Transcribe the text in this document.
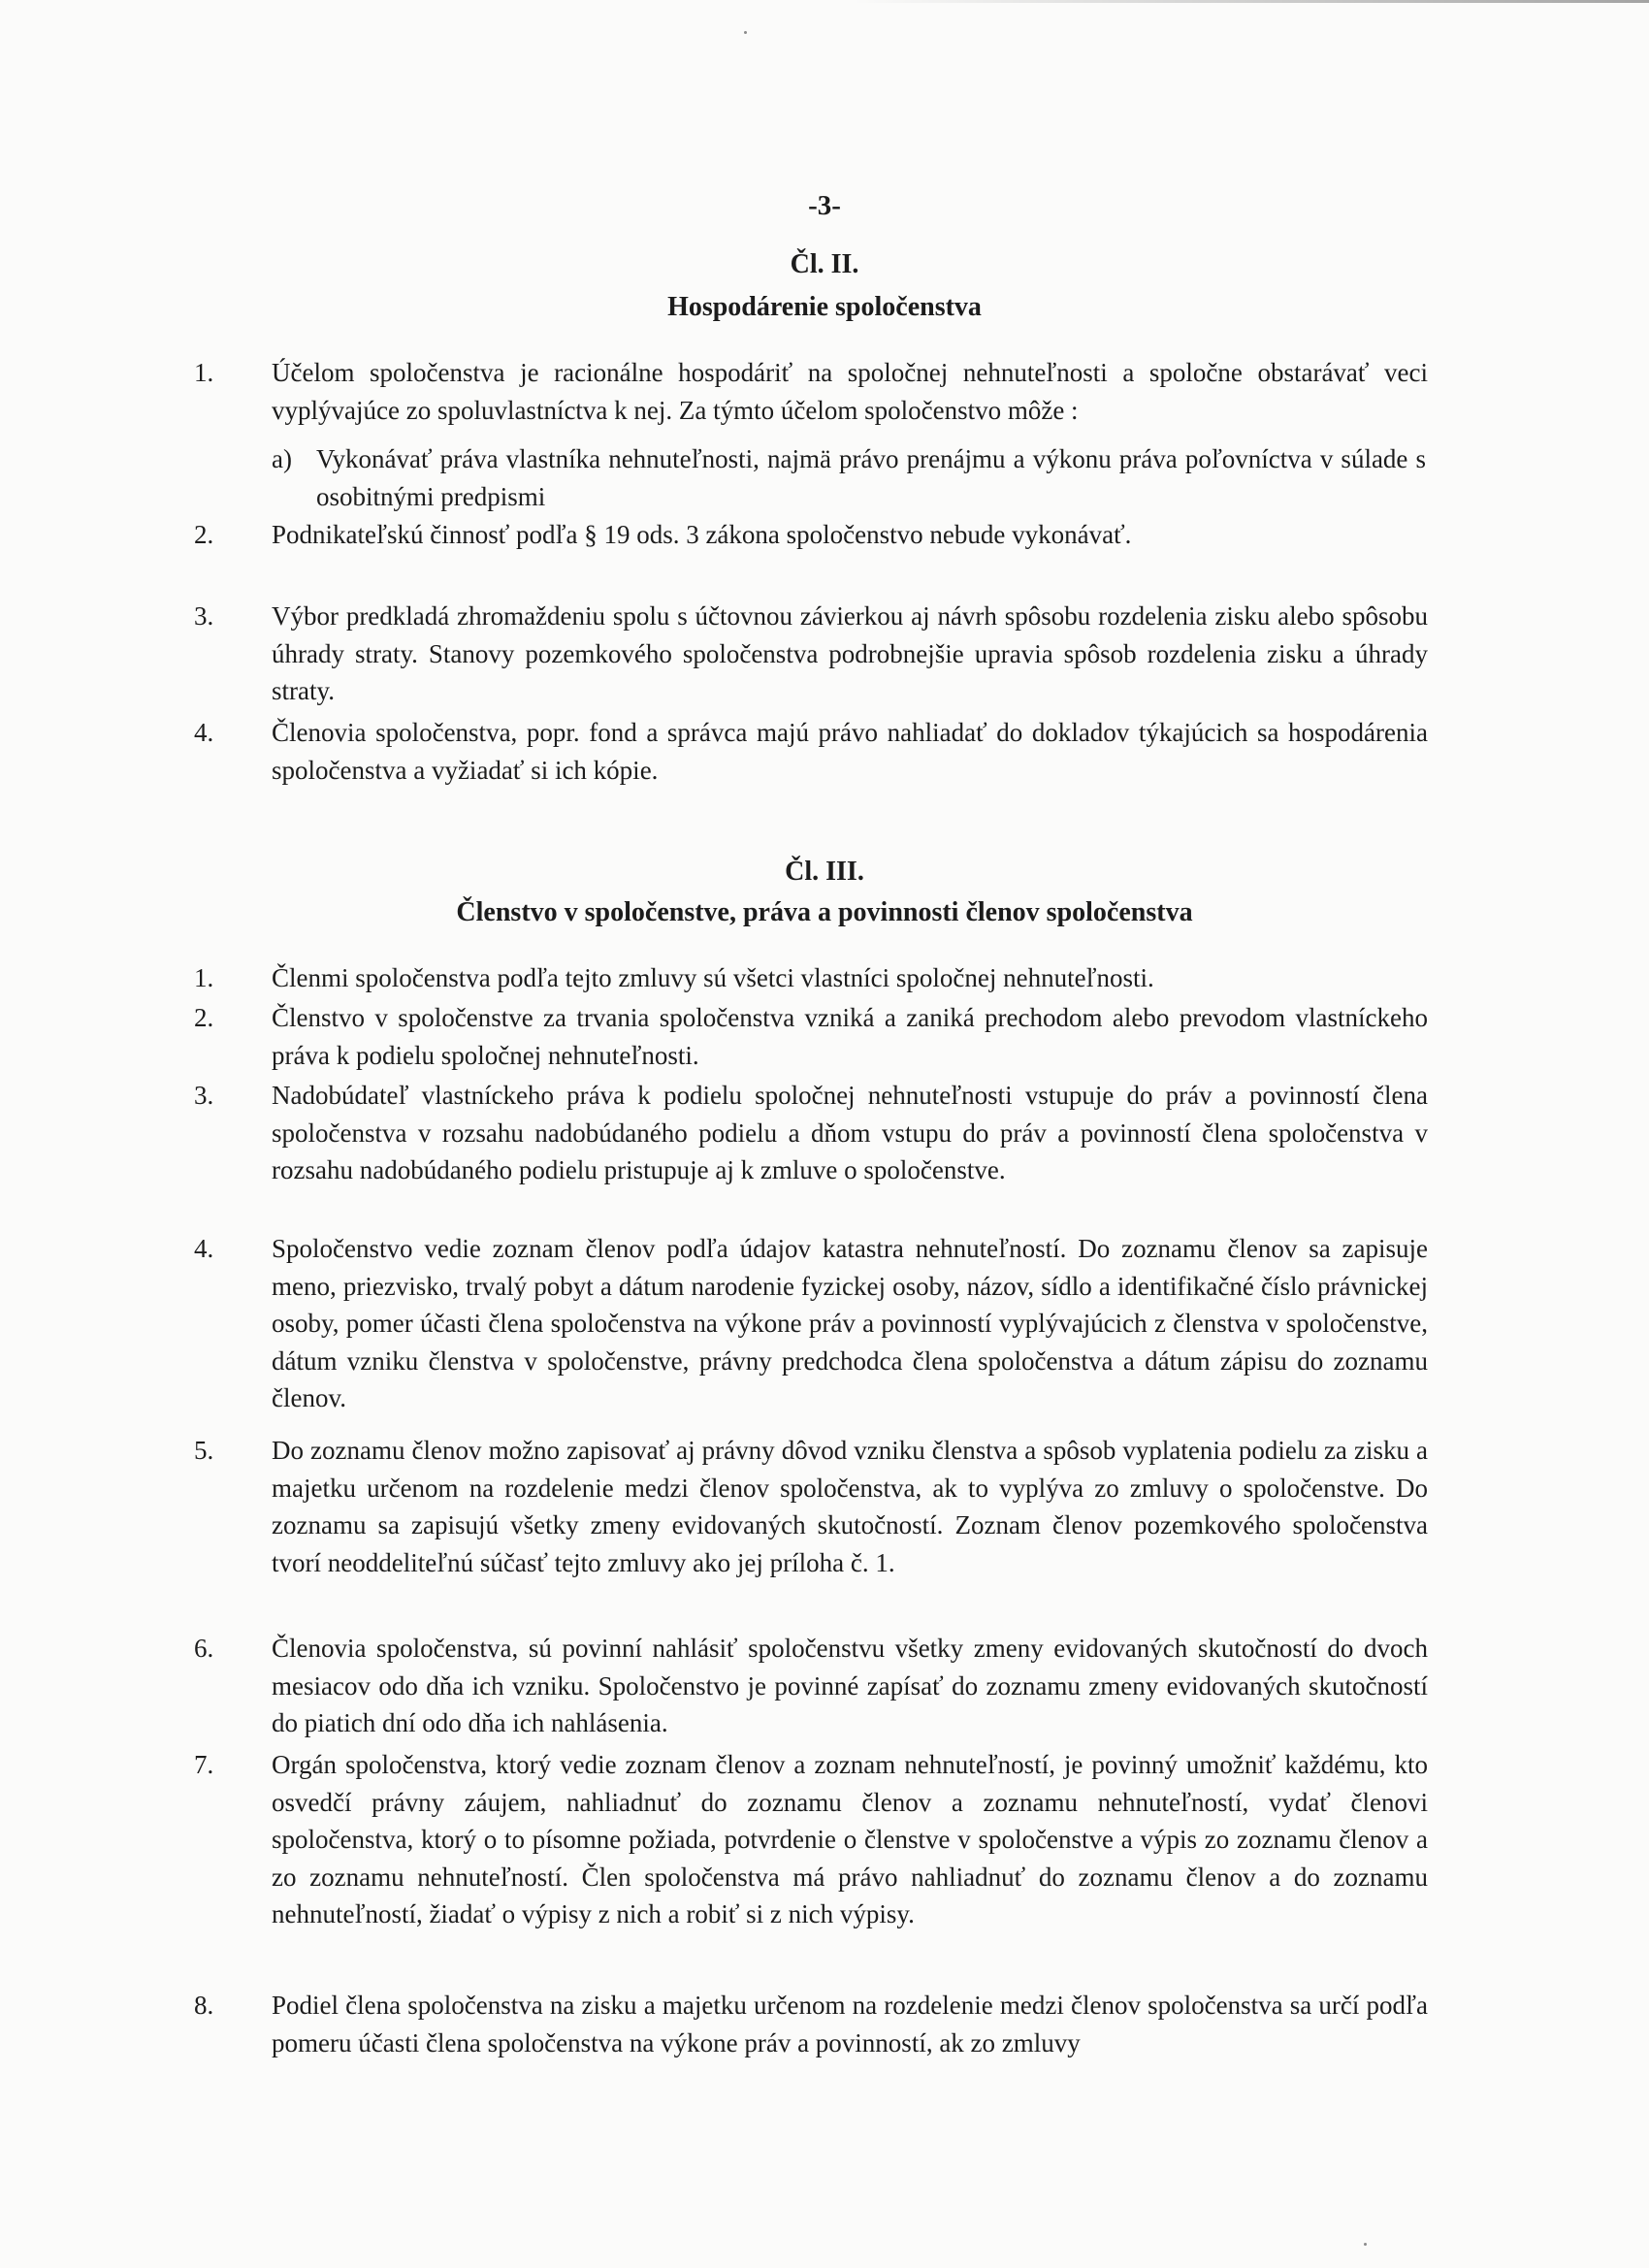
-3-
Čl. II.
Hospodárenie spoločenstva
1. Účelom spoločenstva je racionálne hospodáriť na spoločnej nehnuteľnosti a spoločne obstarávať veci vyplývajúce zo spoluvlastníctva k nej. Za týmto účelom spoločenstvo môže :
a) Vykonávať práva vlastníka nehnuteľnosti, najmä právo prenájmu a výkonu práva poľovníctva v súlade s osobitnými predpismi
2. Podnikateľskú činnosť podľa § 19 ods. 3 zákona spoločenstvo nebude vykonávať.
3. Výbor predkladá zhromaždeniu spolu s účtovnou závierkou aj návrh spôsobu rozdelenia zisku alebo spôsobu úhrady straty. Stanovy pozemkového spoločenstva podrobnejšie upravia spôsob rozdelenia zisku a úhrady straty.
4. Členovia spoločenstva, popr. fond a správca majú právo nahliadať do dokladov týkajúcich sa hospodárenia spoločenstva a vyžiadať si ich kópie.
Čl. III.
Členstvo v spoločenstve, práva a povinnosti členov spoločenstva
1. Členmi spoločenstva podľa tejto zmluvy sú všetci vlastníci spoločnej nehnuteľnosti.
2. Členstvo v spoločenstve za trvania spoločenstva vzniká a zaniká prechodom alebo prevodom vlastníckeho práva k podielu spoločnej nehnuteľnosti.
3. Nadobúdateľ vlastníckeho práva k podielu spoločnej nehnuteľnosti vstupuje do práv a povinností člena spoločenstva v rozsahu nadobúdaného podielu a dňom vstupu do práv a povinností člena spoločenstva v rozsahu nadobúdaného podielu pristupuje aj k zmluve o spoločenstve.
4. Spoločenstvo vedie zoznam členov podľa údajov katastra nehnuteľností. Do zoznamu členov sa zapisuje meno, priezvisko, trvalý pobyt a dátum narodenie fyzickej osoby, názov, sídlo a identifikačné číslo právnickej osoby, pomer účasti člena spoločenstva na výkone práv a povinností vyplývajúcich z členstva v spoločenstve, dátum vzniku členstva v spoločenstve, právny predchodca člena spoločenstva a dátum zápisu do zoznamu členov.
5. Do zoznamu členov možno zapisovať aj právny dôvod vzniku členstva a spôsob vyplatenia podielu za zisku a majetku určenom na rozdelenie medzi členov spoločenstva, ak to vyplýva zo zmluvy o spoločenstve. Do zoznamu sa zapisujú všetky zmeny evidovaných skutočností. Zoznam členov pozemkového spoločenstva tvorí neoddeliteľnú súčasť tejto zmluvy ako jej príloha č. 1.
6. Členovia spoločenstva, sú povinní nahlásiť spoločenstvu všetky zmeny evidovaných skutočností do dvoch mesiacov odo dňa ich vzniku. Spoločenstvo je povinné zapísať do zoznamu zmeny evidovaných skutočností do piatich dní odo dňa ich nahlásenia.
7. Orgán spoločenstva, ktorý vedie zoznam členov a zoznam nehnuteľností, je povinný umožniť každému, kto osvedčí právny záujem, nahliadnuť do zoznamu členov a zoznamu nehnuteľností, vydať členovi spoločenstva, ktorý o to písomne požiada, potvrdenie o členstve v spoločenstve a výpis zo zoznamu členov a zo zoznamu nehnuteľností. Člen spoločenstva má právo nahliadnuť do zoznamu členov a do zoznamu nehnuteľností, žiadať o výpisy z nich a robiť si z nich výpisy.
8. Podiel člena spoločenstva na zisku a majetku určenom na rozdelenie medzi členov spoločenstva sa určí podľa pomeru účasti člena spoločenstva na výkone práv a povinností, ak zo zmluvy
